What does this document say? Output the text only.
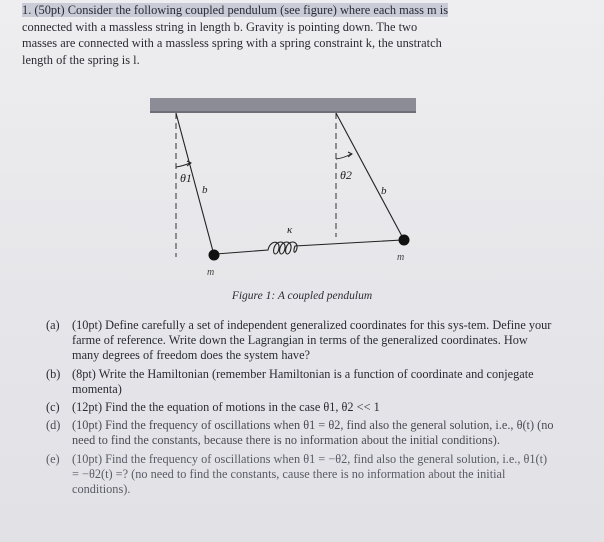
1. (50pt) Consider the following coupled pendulum (see figure) where each mass m is
connected with a massless string in length b. Gravity is pointing down. The two
masses are connected with a massless spring with a spring constraint k, the unstratch
length of the spring is l.
θ1	θ2
b	b
κ
m
m
Figure 1: A coupled pendulum
(a)	(10pt) Define carefully a set of independent generalized coordinates for this sys-tem. Define your farme of reference. Write down the Lagrangian in terms of the generalized coordinates. How many degrees of freedom does the system have?
(b) (8pt) Write the Hamiltonian (remember Hamiltonian is a function of coordinate and conjegate momenta)
(c)	(12pt) Find the the equation of motions in the case θ1, θ2 << 1
(d) (10pt) Find the frequency of oscillations when θ1 = θ2, find also the general solution, i.e., θ(t) (no need to find the constants, because there is no information about the initial conditions).
(e)	(10pt) Find the frequency of oscillations when θ1 = −θ2, find also the general solution, i.e., θ1(t) = −θ2(t) =? (no need to find the constants, cause there is no information about the initial conditions).
